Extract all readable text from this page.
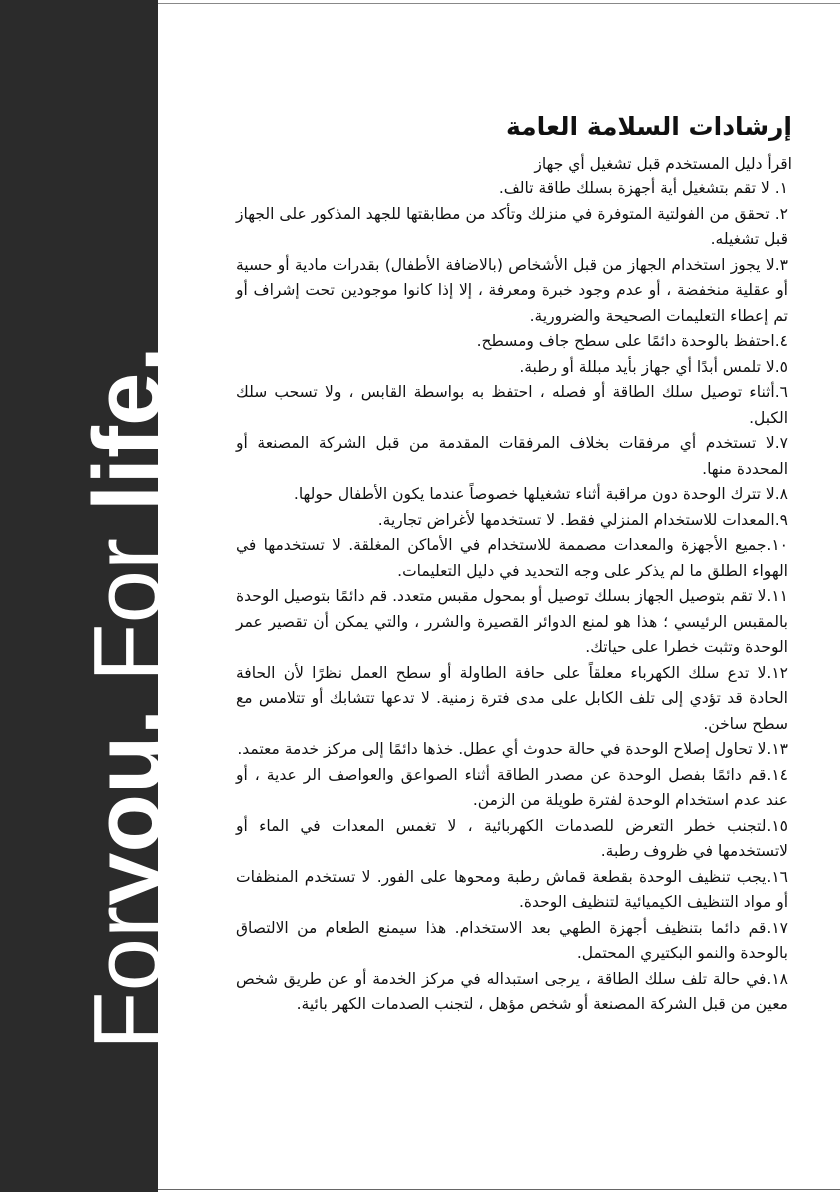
Foryou. For life.
إرشادات السلامة العامة
اقرأ دليل المستخدم قبل تشغيل أي جهاز

١. لا تقم بتشغيل أية أجهزة بسلك طاقة تالف.

٢. تحقق من الفولتية المتوفرة في منزلك وتأكد من مطابقتها للجهد المذكور على الجهاز قبل تشغيله.

٣.لا يجوز استخدام الجهاز من قبل الأشخاص (بالاضافة الأطفال) بقدرات مادية أو حسية أو عقلية منخفضة ، أو عدم وجود خبرة ومعرفة ، إلا إذا كانوا موجودين تحت إشراف أو تم إعطاء التعليمات الصحيحة والضرورية.

٤.احتفظ بالوحدة دائمًا على سطح جاف ومسطح.

٥.لا تلمس أبدًا أي جهاز بأيد مبللة أو رطبة.

٦.أثناء توصيل سلك الطاقة أو فصله ، احتفظ به بواسطة القابس ، ولا تسحب سلك الكبل.

٧.لا تستخدم أي مرفقات بخلاف المرفقات المقدمة من قبل الشركة المصنعة أو المحددة منها.

٨.لا تترك الوحدة دون مراقبة أثناء تشغيلها خصوصاً عندما يكون الأطفال حولها.

٩.المعدات للاستخدام المنزلي فقط. لا تستخدمها لأغراض تجارية.

١٠.جميع الأجهزة والمعدات مصممة للاستخدام في الأماكن المغلقة. لا تستخدمها في الهواء الطلق ما لم يذكر على وجه التحديد في دليل التعليمات.

١١.لا تقم بتوصيل الجهاز بسلك توصيل أو بمحول مقبس متعدد. قم دائمًا بتوصيل الوحدة بالمقبس الرئيسي ؛ هذا هو لمنع الدوائر القصيرة والشرر ، والتي يمكن أن تقصير عمر الوحدة وتثبت خطرا على حياتك.

١٢.لا تدع سلك الكهرباء معلقاً على حافة الطاولة أو سطح العمل نظرًا لأن الحافة الحادة قد تؤدي إلى تلف الكابل على مدى فترة زمنية. لا تدعها تتشابك أو تتلامس مع سطح ساخن.

١٣.لا تحاول إصلاح الوحدة في حالة حدوث أي عطل. خذها دائمًا إلى مركز خدمة معتمد.

١٤.قم دائمًا بفصل الوحدة عن مصدر الطاقة أثناء الصواعق والعواصف الر عدية ، أو عند عدم استخدام الوحدة لفترة طويلة من الزمن.

١٥.لتجنب خطر التعرض للصدمات الكهربائية ، لا تغمس المعدات في الماء أو لاتستخدمها في ظروف رطبة.

١٦.يجب تنظيف الوحدة بقطعة قماش رطبة ومحوها على الفور. لا تستخدم المنظفات أو مواد التنظيف الكيميائية لتنظيف الوحدة.

١٧.قم دائما بتنظيف أجهزة الطهي بعد الاستخدام. هذا سيمنع الطعام من الالتصاق بالوحدة والنمو البكتيري المحتمل.

١٨.في حالة تلف سلك الطاقة ، يرجى استبداله في مركز الخدمة أو عن طريق شخص معين من قبل الشركة المصنعة أو شخص مؤهل ، لتجنب الصدمات الكهر بائية.
